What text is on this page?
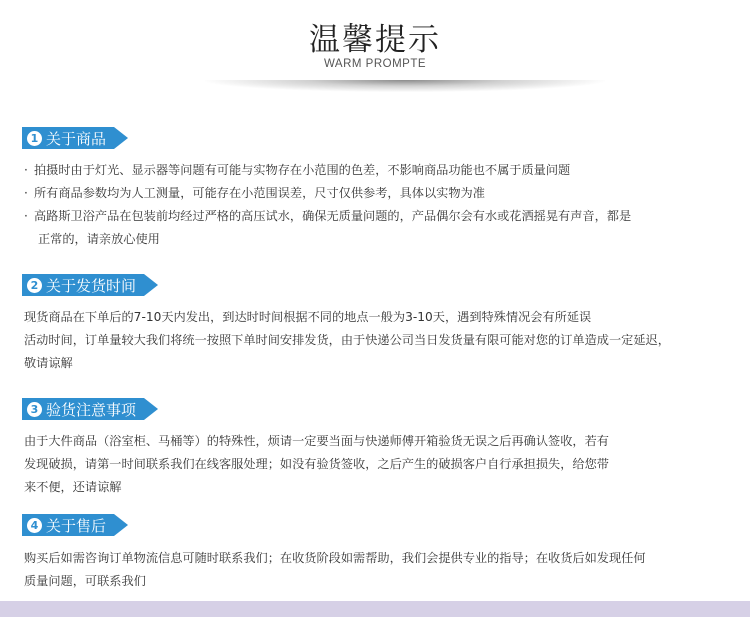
温馨提示
WARM PROMPTE
1 关于商品
· 拍摄时由于灯光、显示器等问题有可能与实物存在小范围的色差，不影响商品功能也不属于质量问题
· 所有商品参数均为人工测量，可能存在小范围误差，尺寸仅供参考，具体以实物为准
· 高路斯卫浴产品在包装前均经过严格的高压试水，确保无质量问题的，产品偶尔会有水或花洒摇晃有声音，都是
正常的，请亲放心使用
2 关于发货时间
现货商品在下单后的7-10天内发出，到达时时间根据不同的地点一般为3-10天，遇到特殊情况会有所延误
活动时间，订单量较大我们将统一按照下单时间安排发货，由于快递公司当日发货量有限可能对您的订单造成一定延迟，
敬请谅解
3 验货注意事项
由于大件商品（浴室柜、马桶等）的特殊性，烦请一定要当面与快递师傅开箱验货无误之后再确认签收，若有
发现破损，请第一时间联系我们在线客服处理；如没有验货签收，之后产生的破损客户自行承担损失，给您带
来不便，还请谅解
4 关于售后
购买后如需咨询订单物流信息可随时联系我们；在收货阶段如需帮助，我们会提供专业的指导；在收货后如发现任何
质量问题，可联系我们
